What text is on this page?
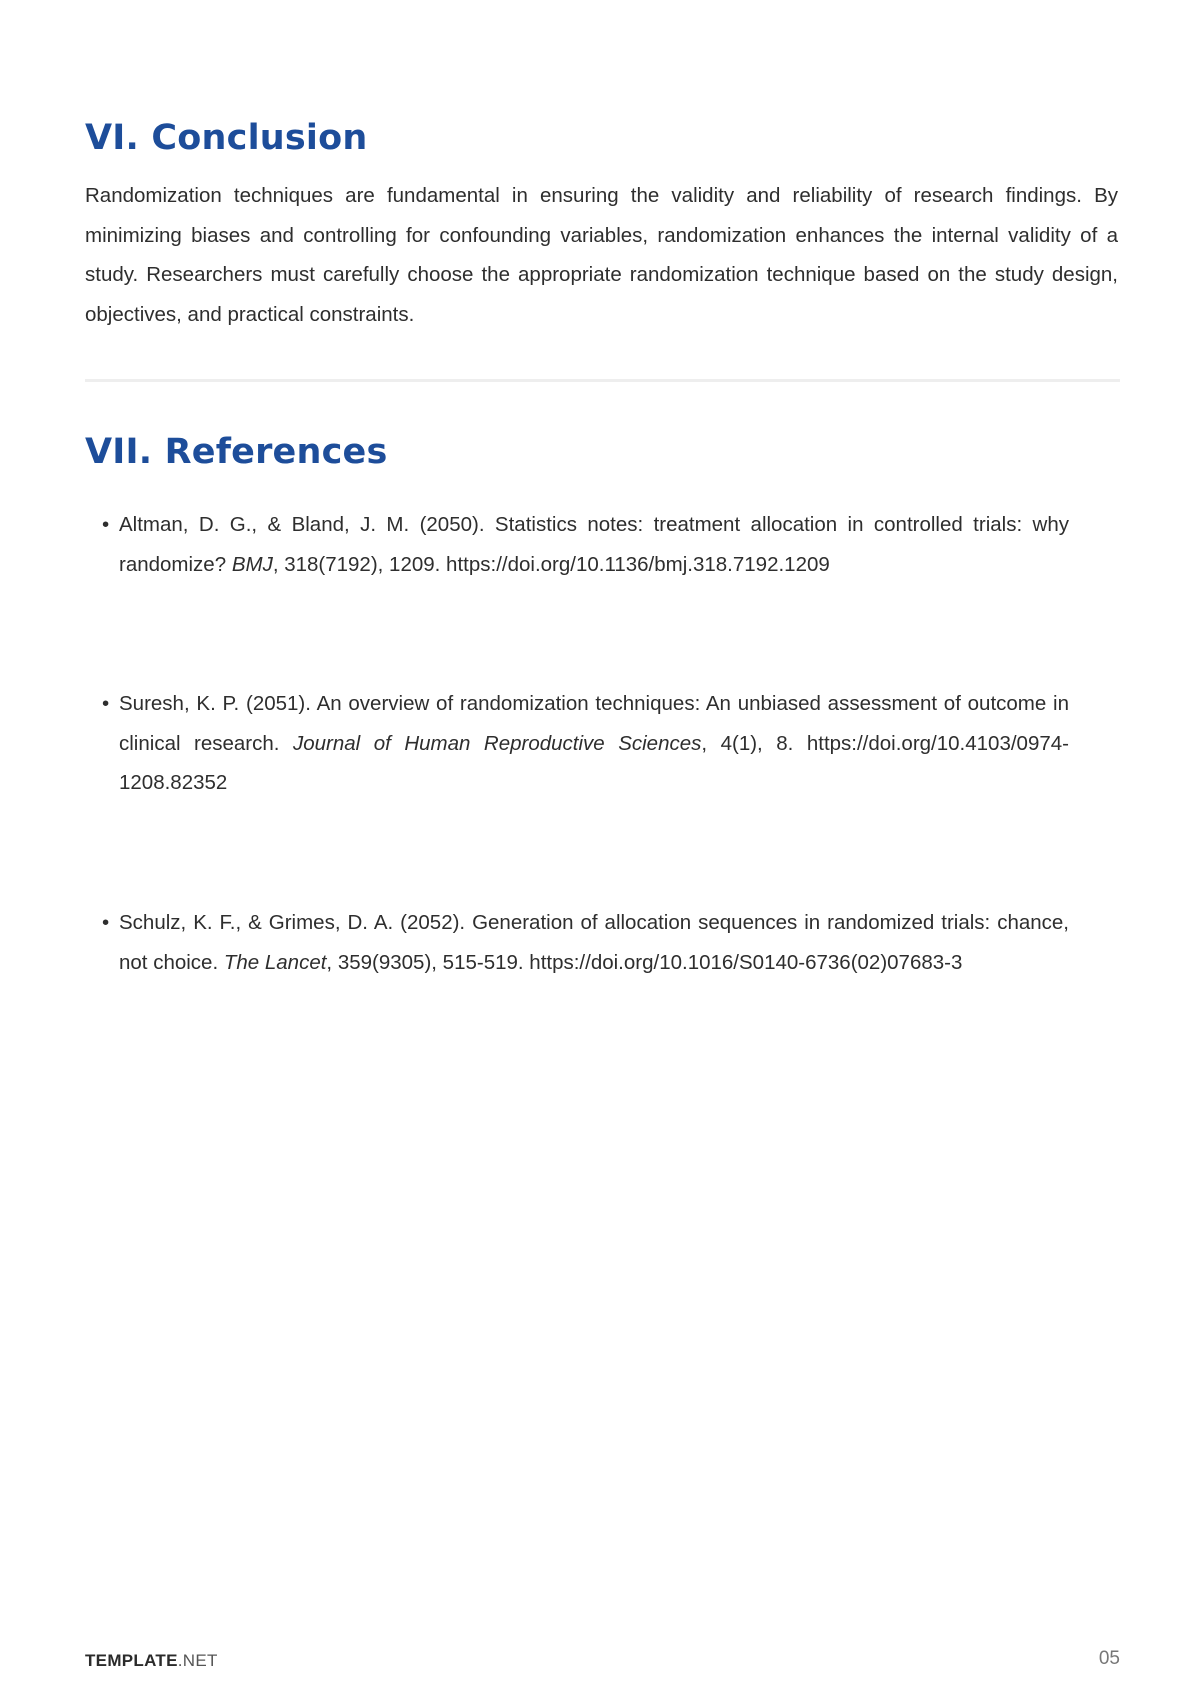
VI. Conclusion

Randomization techniques are fundamental in ensuring the validity and reliability of research findings. By minimizing biases and controlling for confounding variables, randomization enhances the internal validity of a study. Researchers must carefully choose the appropriate randomization technique based on the study design, objectives, and practical constraints.

VII. References

• Altman, D. G., & Bland, J. M. (2050). Statistics notes: treatment allocation in controlled trials: why randomize? BMJ, 318(7192), 1209. https://doi.org/10.1136/bmj.318.7192.1209

• Suresh, K. P. (2051). An overview of randomization techniques: An unbiased assessment of outcome in clinical research. Journal of Human Reproductive Sciences, 4(1), 8. https://doi.org/10.4103/0974-1208.82352

• Schulz, K. F., & Grimes, D. A. (2052). Generation of allocation sequences in randomized trials: chance, not choice. The Lancet, 359(9305), 515-519. https://doi.org/10.1016/S0140-6736(02)07683-3

TEMPLATE.NET	05
